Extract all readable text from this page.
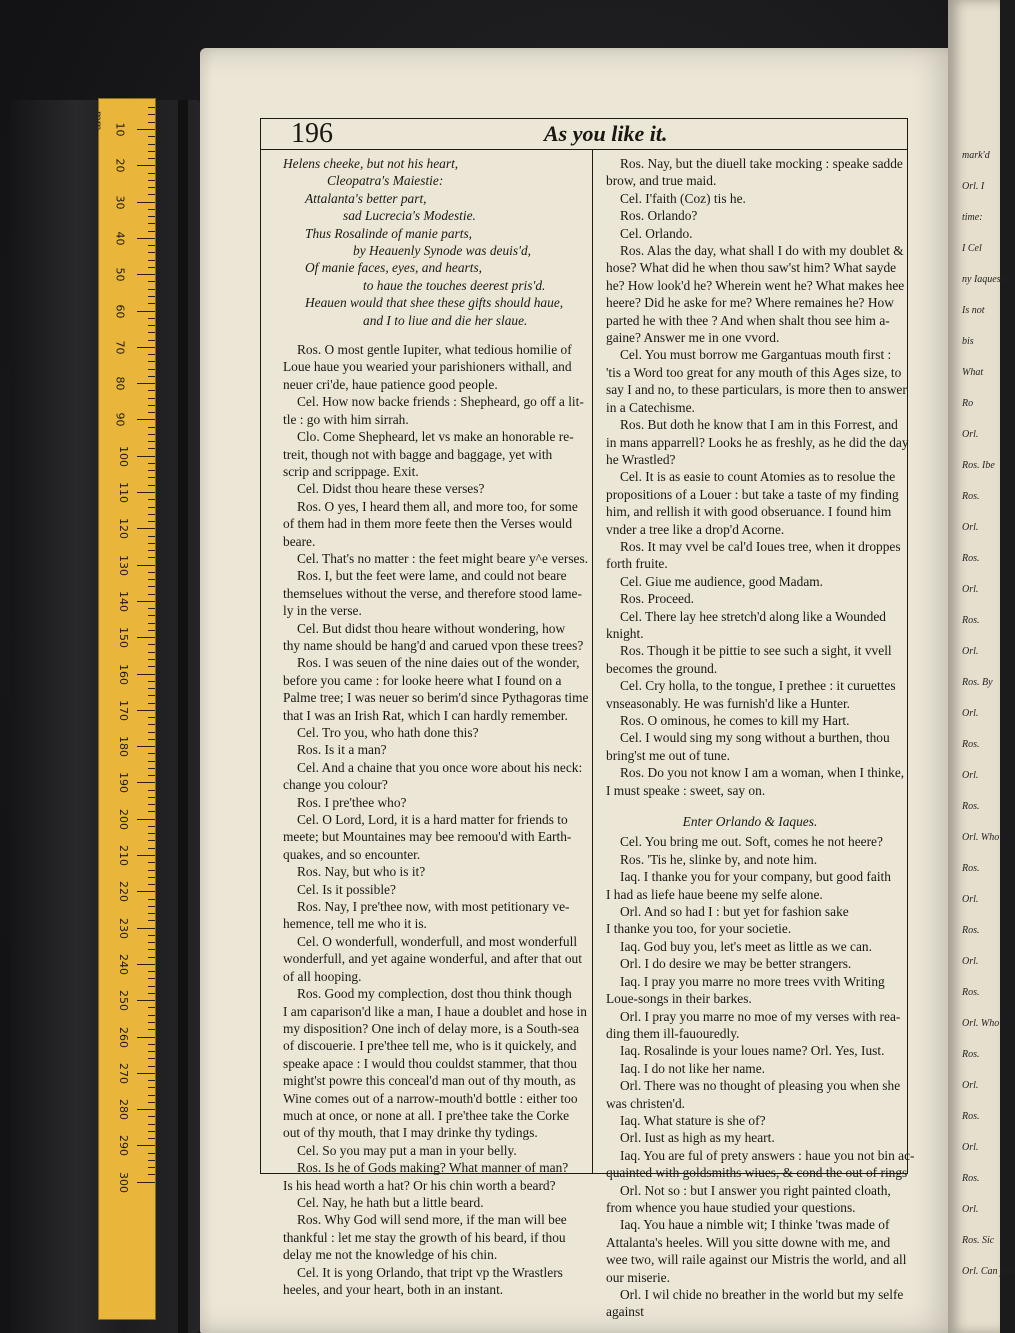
mm 10
20
30
40
50
60
70
80
90
100
110
120
130
140
150
160
170
180
190
200
210
220
230
240
250
260
270
280
290
300
mark'd
Orl. I
time:
I Cel
ny Iaquesis
Is not
bis
What
Ro
Orl.
Ros. Ibe
Ros.
Orl.
Ros.
Orl.
Ros.
Orl.
Ros. By
Orl.
Ros.
Orl.
Ros.
Orl. Who
Ros.
Orl.
Ros.
Orl.
Ros.
Orl. Who
Ros.
Orl.
Ros.
Orl.
Ros.
Orl.
Ros. Sic
Orl. Can you
196	As you like it.
Helens cheeke, but not his heart,
Cleopatra's Maiestie:
Attalanta's better part,
sad Lucrecia's Modestie.
Thus Rosalinde of manie parts,
by Heauenly Synode was deuis'd,
Of manie faces, eyes, and hearts,
to haue the touches deerest pris'd.
Heauen would that shee these gifts should haue,
and I to liue and die her slaue.
Ros. O most gentle Iupiter, what tedious homilie of
Loue haue you wearied your parishioners withall, and
neuer cri'de, haue patience good people.
Cel. How now backe friends : Shepheard, go off a lit-
tle : go with him sirrah.
Clo. Come Shepheard, let vs make an honorable re-
treit, though not with bagge and baggage, yet with
scrip and scrippage. Exit.
Cel. Didst thou heare these verses?
Ros. O yes, I heard them all, and more too, for some
of them had in them more feete then the Verses would
beare.
Cel. That's no matter : the feet might beare y^e verses.
Ros. I, but the feet were lame, and could not beare
themselues without the verse, and therefore stood lame-
ly in the verse.
Cel. But didst thou heare without wondering, how
thy name should be hang'd and carued vpon these trees?
Ros. I was seuen of the nine daies out of the wonder,
before you came : for looke heere what I found on a
Palme tree; I was neuer so berim'd since Pythagoras time
that I was an Irish Rat, which I can hardly remember.
Cel. Tro you, who hath done this?
Ros. Is it a man?
Cel. And a chaine that you once wore about his neck:
change you colour?
Ros. I pre'thee who?
Cel. O Lord, Lord, it is a hard matter for friends to
meete; but Mountaines may bee remoou'd with Earth-
quakes, and so encounter.
Ros. Nay, but who is it?
Cel. Is it possible?
Ros. Nay, I pre'thee now, with most petitionary ve-
hemence, tell me who it is.
Cel. O wonderfull, wonderfull, and most wonderfull
wonderfull, and yet againe wonderful, and after that out
of all hooping.
Ros. Good my complection, dost thou think though
I am caparison'd like a man, I haue a doublet and hose in
my disposition? One inch of delay more, is a South-sea
of discouerie. I pre'thee tell me, who is it quickely, and
speake apace : I would thou couldst stammer, that thou
might'st powre this conceal'd man out of thy mouth, as
Wine comes out of a narrow-mouth'd bottle : either too
much at once, or none at all. I pre'thee take the Corke
out of thy mouth, that I may drinke thy tydings.
Cel. So you may put a man in your belly.
Ros. Is he of Gods making? What manner of man?
Is his head worth a hat? Or his chin worth a beard?
Cel. Nay, he hath but a little beard.
Ros. Why God will send more, if the man will bee
thankful : let me stay the growth of his beard, if thou
delay me not the knowledge of his chin.
Cel. It is yong Orlando, that tript vp the Wrastlers
heeles, and your heart, both in an instant.
Ros. Nay, but the diuell take mocking : speake sadde
brow, and true maid.
Cel. I'faith (Coz) tis he.
Ros. Orlando?
Cel. Orlando.
Ros. Alas the day, what shall I do with my doublet &
hose? What did he when thou saw'st him? What sayde
he? How look'd he? Wherein went he? What makes hee
heere? Did he aske for me? Where remaines he? How
parted he with thee ? And when shalt thou see him a-
gaine? Answer me in one vvord.
Cel. You must borrow me Gargantuas mouth first :
'tis a Word too great for any mouth of this Ages size, to
say I and no, to these particulars, is more then to answer
in a Catechisme.
Ros. But doth he know that I am in this Forrest, and
in mans apparrell? Looks he as freshly, as he did the day
he Wrastled?
Cel. It is as easie to count Atomies as to resolue the
propositions of a Louer : but take a taste of my finding
him, and rellish it with good obseruance. I found him
vnder a tree like a drop'd Acorne.
Ros. It may vvel be cal'd Ioues tree, when it droppes
forth fruite.
Cel. Giue me audience, good Madam.
Ros. Proceed.
Cel. There lay hee stretch'd along like a Wounded
knight.
Ros. Though it be pittie to see such a sight, it vvell
becomes the ground.
Cel. Cry holla, to the tongue, I prethee : it curuettes
vnseasonably. He was furnish'd like a Hunter.
Ros. O ominous, he comes to kill my Hart.
Cel. I would sing my song without a burthen, thou
bring'st me out of tune.
Ros. Do you not know I am a woman, when I thinke,
I must speake : sweet, say on.
Enter Orlando & Iaques.
Cel. You bring me out. Soft, comes he not heere?
Ros. 'Tis he, slinke by, and note him.
Iaq. I thanke you for your company, but good faith
I had as liefe haue beene my selfe alone.
Orl. And so had I : but yet for fashion sake
I thanke you too, for your societie.
Iaq. God buy you, let's meet as little as we can.
Orl. I do desire we may be better strangers.
Iaq. I pray you marre no more trees vvith Writing
Loue-songs in their barkes.
Orl. I pray you marre no moe of my verses with rea-
ding them ill-fauouredly.
Iaq. Rosalinde is your loues name? Orl. Yes, Iust.
Iaq. I do not like her name.
Orl. There was no thought of pleasing you when she
was christen'd.
Iaq. What stature is she of?
Orl. Iust as high as my heart.
Iaq. You are ful of prety answers : haue you not bin ac-
quainted with goldsmiths wiues, & cond the out of rings
Orl. Not so : but I answer you right painted cloath,
from whence you haue studied your questions.
Iaq. You haue a nimble wit; I thinke 'twas made of
Attalanta's heeles. Will you sitte downe with me, and
wee two, will raile against our Mistris the world, and all
our miserie.
Orl. I wil chide no breather in the world but my selfe
against
